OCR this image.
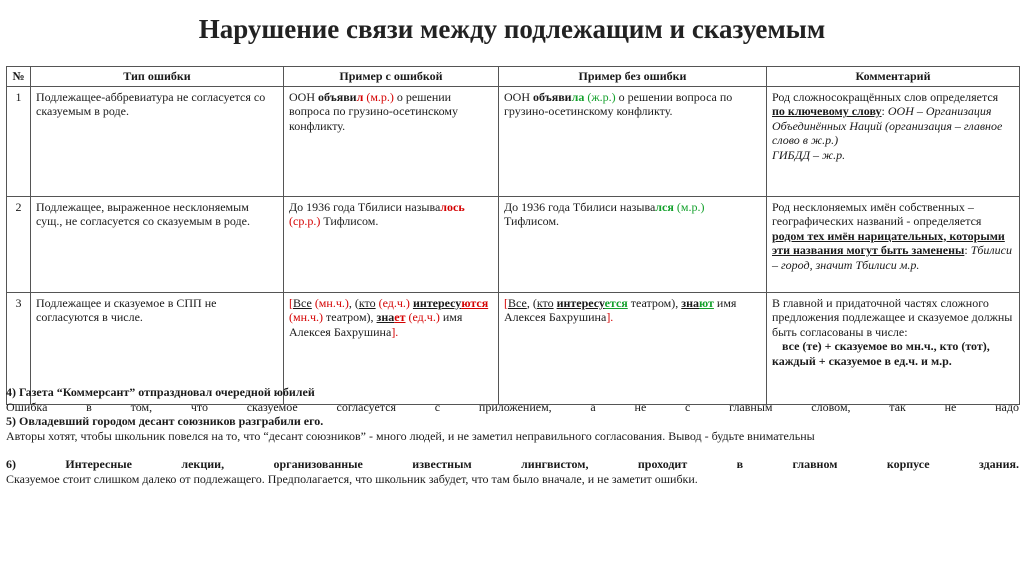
Нарушение связи между подлежащим и сказуемым
№	Тип ошибки	Пример с ошибкой	Пример без ошибки	Комментарий
1	Подлежащее-аббревиатура не согласуется со сказуемым в роде.	ООН объявил (м.р.) о решении вопроса по грузино-осетинскому конфликту.	ООН объявила (ж.р.) о решении вопроса по грузино-осетинскому конфликту.	Род сложносокращённых слов определяется по ключевому слову: ООН – Организация Объединённых Наций (организация – главное слово в ж.р.)
ГИБДД – ж.р.
2	Подлежащее, выраженное несклоняемым сущ., не согласуется со сказуемым в роде.	До 1936 года Тбилиси называлось (ср.р.) Тифлисом.	До 1936 года Тбилиси назывался (м.р.) Тифлисом.	Род несклоняемых имён собственных – географических названий - определяется родом тех имён нарицательных, которыми эти названия могут быть заменены: Тбилиси – город, значит Тбилиси м.р.
3	Подлежащее и сказуемое в СПП не согласуются в числе.	[Все (мн.ч.), (кто (ед.ч.) интересуются (мн.ч.) театром), знает (ед.ч.) имя Алексея Бахрушина].	[Все, (кто интересуется театром), знают имя Алексея Бахрушина].	В главной и придаточной частях сложного предложения подлежащее и сказуемое должны быть согласованы в числе:
все (те) + сказуемое во мн.ч., кто (тот), каждый + сказуемое в ед.ч. и м.р.
4) Газета “Коммерсант” отпраздновал очередной юбилей
Ошибка в том, что сказуемое согласуется с приложением, а не с главным словом, так не надо
5) Овладевший городом десант союзников разграбили его.
Авторы хотят, чтобы школьник повелся на то, что “десант союзников” - много людей, и не заметил неправильного согласования. Вывод - будьте внимательны
6) Интересные лекции, организованные известным лингвистом, проходит в главном корпусе здания.
Сказуемое стоит слишком далеко от подлежащего. Предполагается, что школьник забудет, что там было вначале, и не заметит ошибки.
